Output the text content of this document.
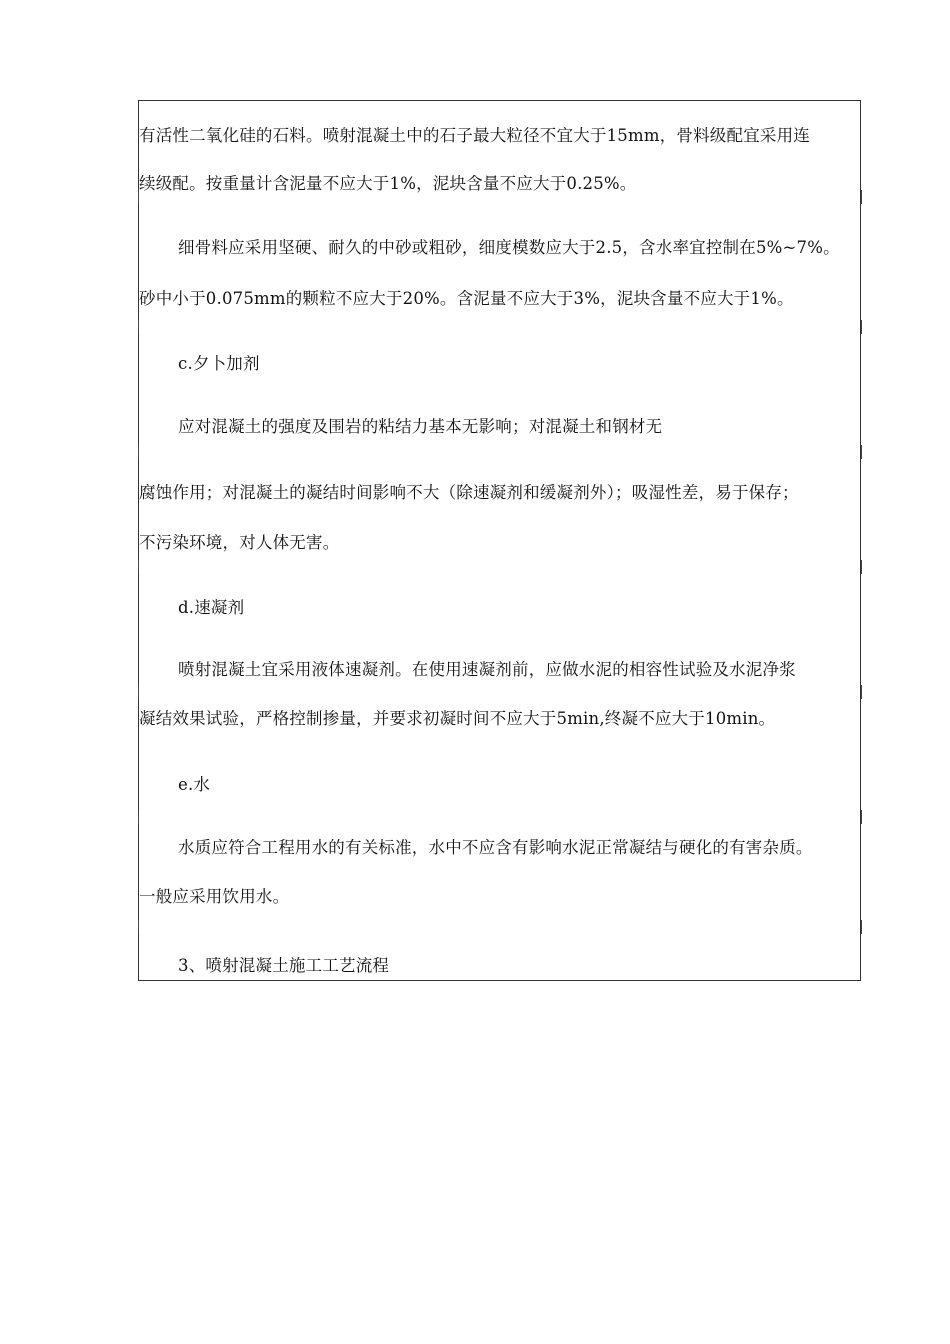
有活性二氧化硅的石料。喷射混凝土中的石子最大粒径不宜大于15mm，骨料级配宜采用连
续级配。按重量计含泥量不应大于1%，泥块含量不应大于0.25%。
细骨料应采用坚硬、耐久的中砂或粗砂，细度模数应大于2.5，含水率宜控制在5%~7%。
砂中小于0.075mm的颗粒不应大于20%。含泥量不应大于3%，泥块含量不应大于1%。
c.夕卜加剂
应对混凝土的强度及围岩的粘结力基本无影响；对混凝土和钢材无
腐蚀作用；对混凝土的凝结时间影响不大（除速凝剂和缓凝剂外）；吸湿性差，易于保存；
不污染环境，对人体无害。
d.速凝剂
喷射混凝土宜采用液体速凝剂。在使用速凝剂前，应做水泥的相容性试验及水泥净浆
凝结效果试验，严格控制掺量，并要求初凝时间不应大于5min,终凝不应大于10min。
e.水
水质应符合工程用水的有关标准，水中不应含有影响水泥正常凝结与硬化的有害杂质。
一般应采用饮用水。
3、喷射混凝土施工工艺流程
